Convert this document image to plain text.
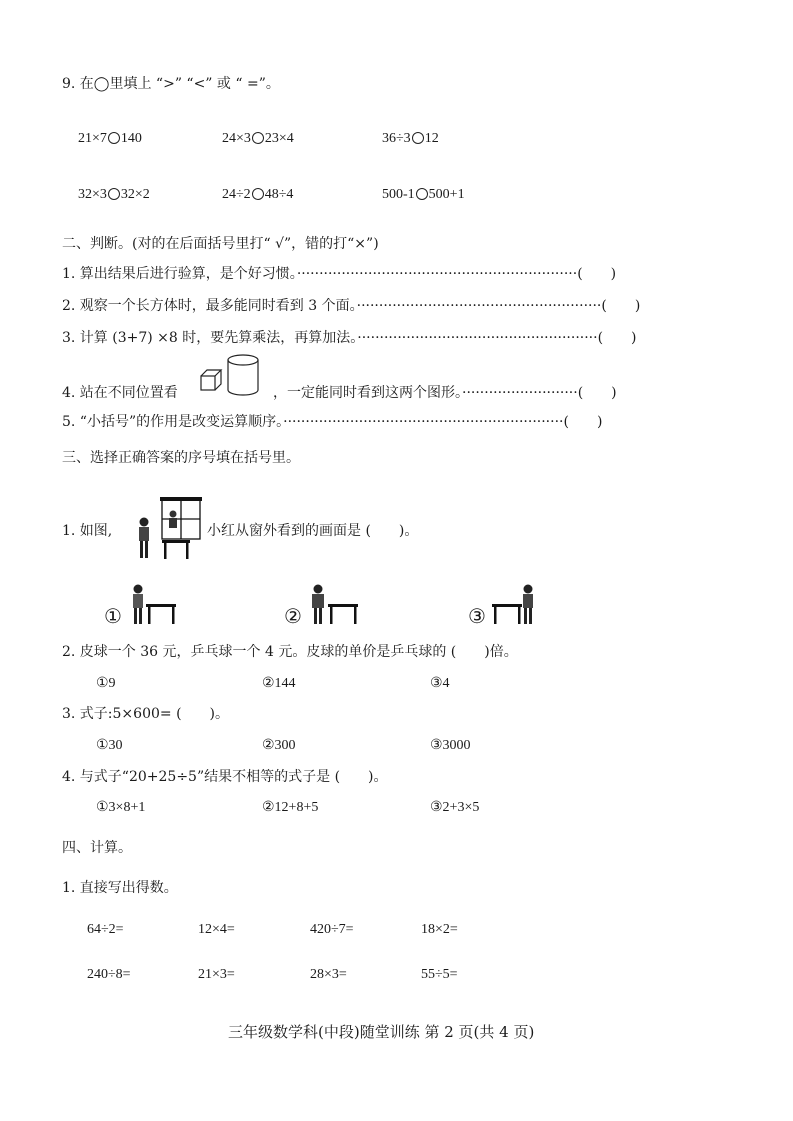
9. 在◯里填上 “>” “<” 或 “ =”。
21×7 140	24×3 23×4	36÷3 12
32×3 32×2	24÷2 48÷4	500-1 500+1
二、判断。(对的在后面括号里打“ √”，错的打“×”)
1. 算出结果后进行验算，是个好习惯。·······························································(　　)
2. 观察一个长方体时，最多能同时看到 3 个面。·······················································(　　)
3. 计算 (3+7) ×8 时，要先算乘法，再算加法。······················································(　　)
4. 站在不同位置看	，一定能同时看到这两个图形。··························(　　)
5. “小括号”的作用是改变运算顺序。·······························································(　　)
三、选择正确答案的序号填在括号里。
1. 如图,	小红从窗外看到的画面是 (　　)。
①	②	③
2. 皮球一个 36 元，乒乓球一个 4 元。皮球的单价是乒乓球的 (　　)倍。
①9	②144	③4
3. 式子:5×600= (　　)。
①30	②300	③3000
4. 与式子“20+25÷5”结果不相等的式子是 (　　)。
①3×8+1	②12+8+5	③2+3×5
四、计算。
1. 直接写出得数。
64÷2=	12×4=	420÷7=	18×2=
240÷8=	21×3=	28×3=	55÷5=
三年级数学科(中段)随堂训练 第 2 页(共 4 页)
